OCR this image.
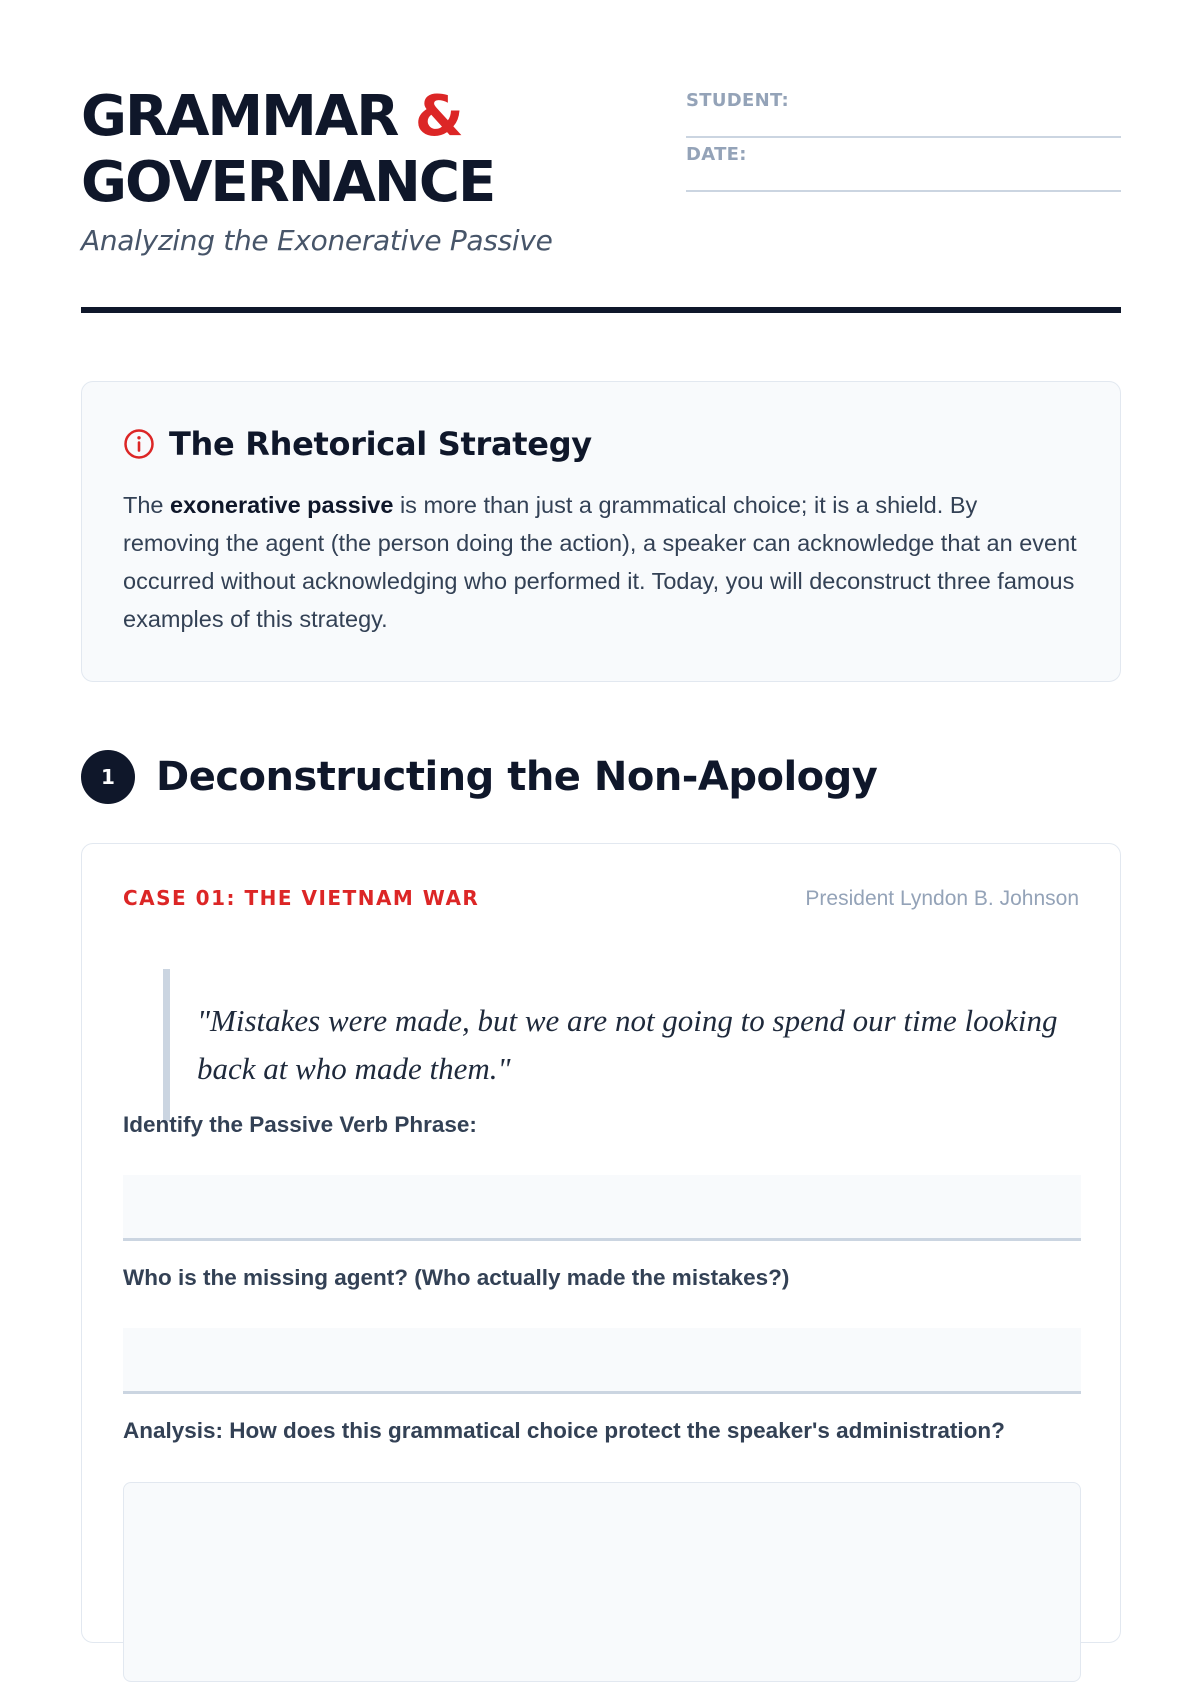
GRAMMAR &
GOVERNANCE
Analyzing the Exonerative Passive
STUDENT:
DATE:
The Rhetorical Strategy

The exonerative passive is more than just a grammatical choice; it is a shield. By removing the agent (the person doing the action), a speaker can acknowledge that an event occurred without acknowledging who performed it. Today, you will deconstruct three famous examples of this strategy.

1	Deconstructing the Non-Apology
CASE 01: THE VIETNAM WAR	President Lyndon B. Johnson
"Mistakes were made, but we are not going to spend our time looking back at who made them."
Identify the Passive Verb Phrase:
Who is the missing agent? (Who actually made the mistakes?)
Analysis: How does this grammatical choice protect the speaker's administration?
